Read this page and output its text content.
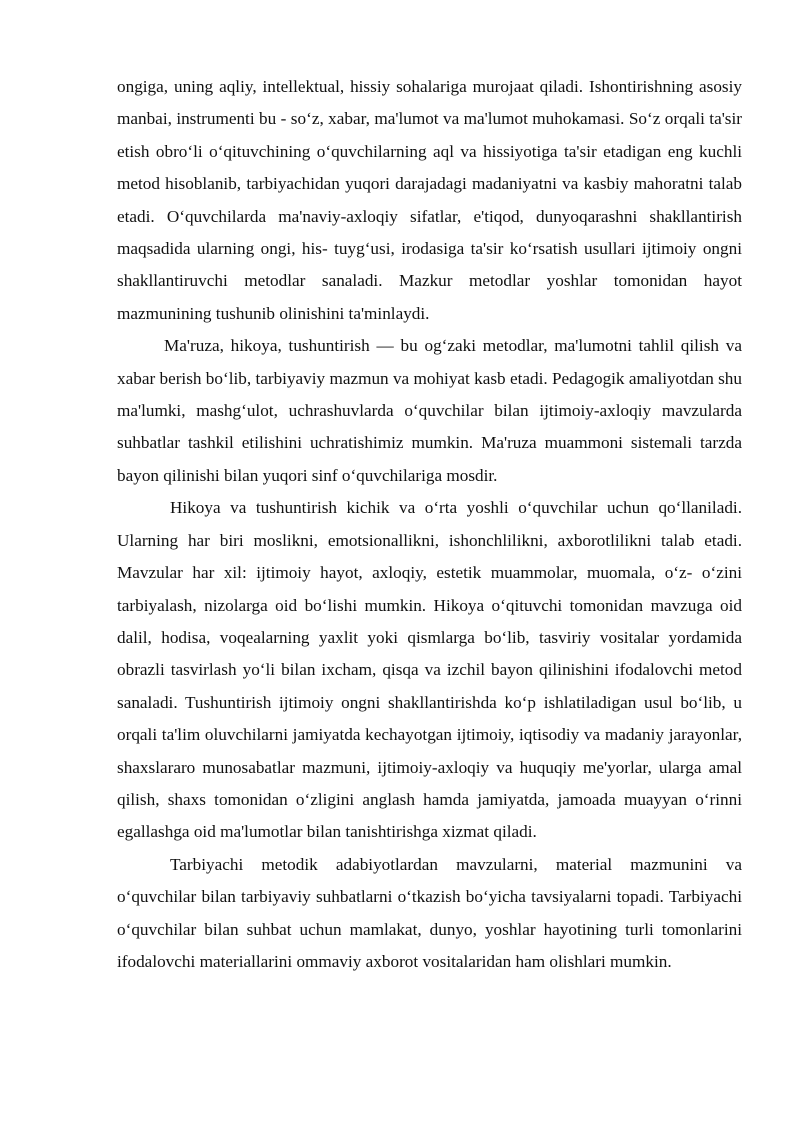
ongiga, uning aqliy, intellektual, hissiy sohalariga murojaat qiladi. Ishontirishning asosiy manbai, instrumenti bu - so‘z, xabar, ma'lumot va ma'lumot muhokamasi. So‘z orqali ta'sir etish obro‘li o‘qituvchining o‘quvchilarning aql va hissiyotiga ta'sir etadigan eng kuchli metod hisoblanib, tarbiyachidan yuqori darajadagi madaniyatni va kasbiy mahoratni talab etadi. O‘quvchilarda ma'naviy-axloqiy sifatlar, e'tiqod, dunyoqarashni shakllantirish maqsadida ularning ongi, his- tuyg‘usi, irodasiga ta'sir ko‘rsatish usullari ijtimoiy ongni shakllantiruvchi metodlar sanaladi. Mazkur metodlar yoshlar tomonidan hayot mazmunining tushunib olinishini ta'minlaydi.

Ma'ruza, hikoya, tushuntirish — bu og‘zaki metodlar, ma'lumotni tahlil qilish va xabar berish bo‘lib, tarbiyaviy mazmun va mohiyat kasb etadi. Pedagogik amaliyotdan shu ma'lumki, mashg‘ulot, uchrashuvlarda o‘quvchilar bilan ijtimoiy-axloqiy mavzularda suhbatlar tashkil etilishini uchratishimiz mumkin. Ma'ruza muammoni sistemali tarzda bayon qilinishi bilan yuqori sinf o‘quvchilariga mosdir.

Hikoya va tushuntirish kichik va o‘rta yoshli o‘quvchilar uchun qo‘llaniladi. Ularning har biri moslikni, emotsionallikni, ishonchlilikni, axborotlilikni talab etadi. Mavzular har xil: ijtimoiy hayot, axloqiy, estetik muammolar, muomala, o‘z- o‘zini tarbiyalash, nizolarga oid bo‘lishi mumkin. Hikoya o‘qituvchi tomonidan mavzuga oid dalil, hodisa, voqealarning yaxlit yoki qismlarga bo‘lib, tasviriy vositalar yordamida obrazli tasvirlash yo‘li bilan ixcham, qisqa va izchil bayon qilinishini ifodalovchi metod sanaladi. Tushuntirish ijtimoiy ongni shakllantirishda ko‘p ishlatiladigan usul bo‘lib, u orqali ta'lim oluvchilarni jamiyatda kechayotgan ijtimoiy, iqtisodiy va madaniy jarayonlar, shaxslararo munosabatlar mazmuni, ijtimoiy-axloqiy va huquqiy me'yorlar, ularga amal qilish, shaxs tomonidan o‘zligini anglash hamda jamiyatda, jamoada muayyan o‘rinni egallashga oid ma'lumotlar bilan tanishtirishga xizmat qiladi.

Tarbiyachi metodik adabiyotlardan mavzularni, material mazmunini va o‘quvchilar bilan tarbiyaviy suhbatlarni o‘tkazish bo‘yicha tavsiyalarni topadi. Tarbiyachi o‘quvchilar bilan suhbat uchun mamlakat, dunyo, yoshlar hayotining turli tomonlarini ifodalovchi materiallarini ommaviy axborot vositalaridan ham olishlari mumkin.
